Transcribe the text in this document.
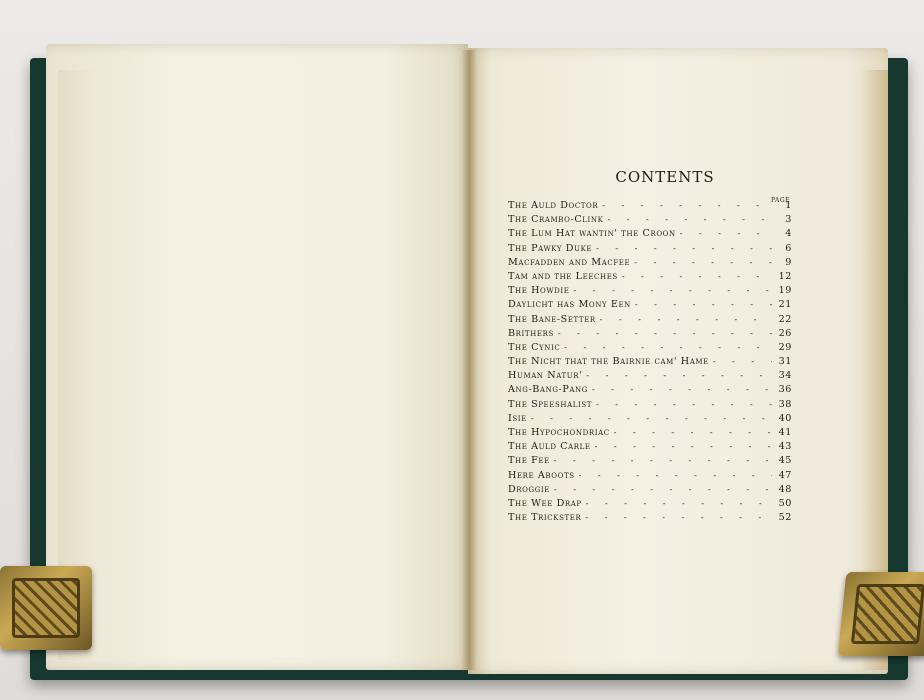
CONTENTS
PAGE
The Auld Doctor - - -	1
The Crambo-Clink - - -	3
The Lum Hat wantin' the Croon - - -	4
The Pawky Duke - - -	6
Macfadden and Macfee - - -	9
Tam and the Leeches - - -	12
The Howdie - - -	19
Daylicht has Mony Een - - -	21
The Bane-Setter - - -	22
Brithers - - -	26
The Cynic - - -	29
The Nicht that the Bairnie cam' Hame - - -	31
Human Natur' - - -	34
Ang-Bang-Pang - - -	36
The Speeshalist - - -	38
Isie - - -	40
The Hypochondriac - - -	41
The Auld Carle - - -	43
The Fee - - -	45
Here Aboots - - -	47
Droggie - - -	48
The Wee Drap - - -	50
The Trickster - - -	52
